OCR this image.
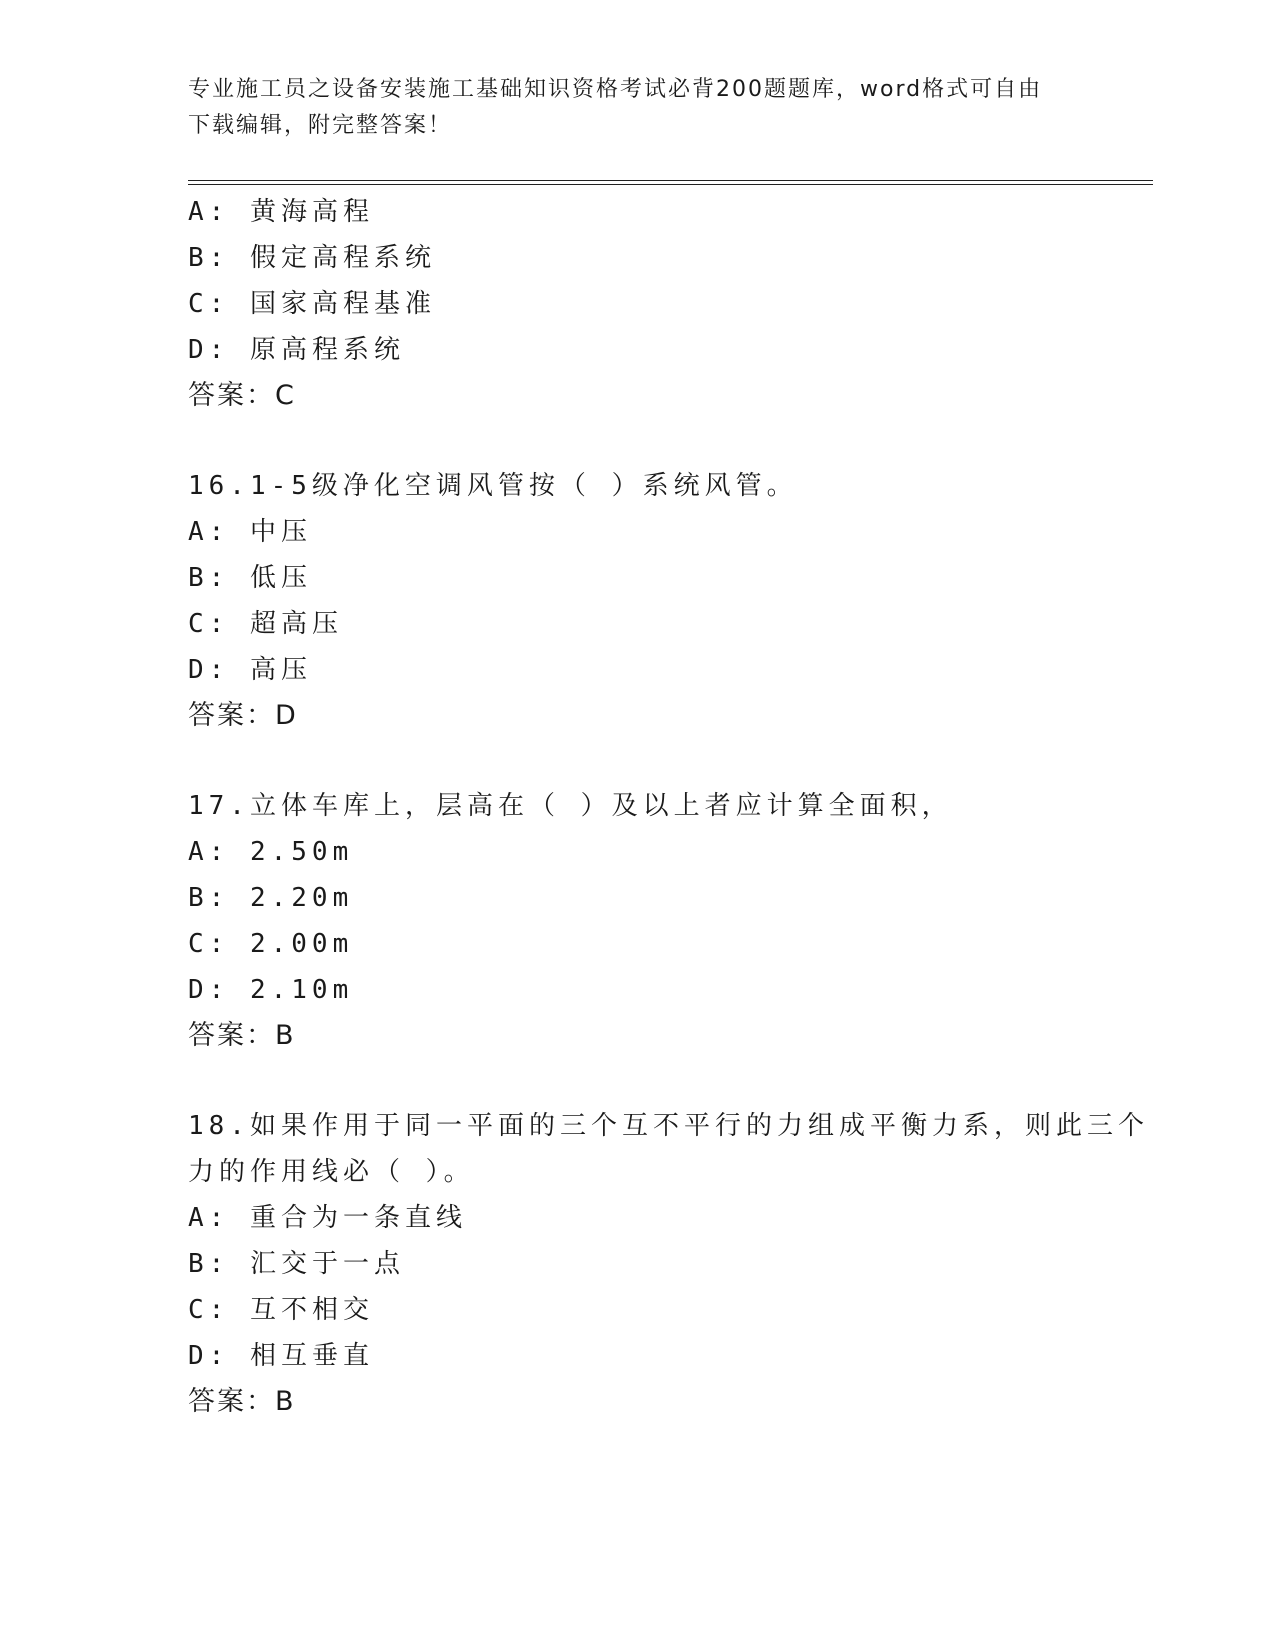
专业施工员之设备安装施工基础知识资格考试必背200题题库，word格式可自由
下载编辑，附完整答案！
A: 黄海高程
B: 假定高程系统
C: 国家高程基准
D: 原高程系统
答案：C
16.1-5级净化空调风管按（ ）系统风管。
A: 中压
B: 低压
C: 超高压
D: 高压
答案：D
17.立体车库上，层高在（ ）及以上者应计算全面积，
A: 2.50m
B: 2.20m
C: 2.00m
D: 2.10m
答案：B
18.如果作用于同一平面的三个互不平行的力组成平衡力系，则此三个
力的作用线必（ ）。
A: 重合为一条直线
B: 汇交于一点
C: 互不相交
D: 相互垂直
答案：B
